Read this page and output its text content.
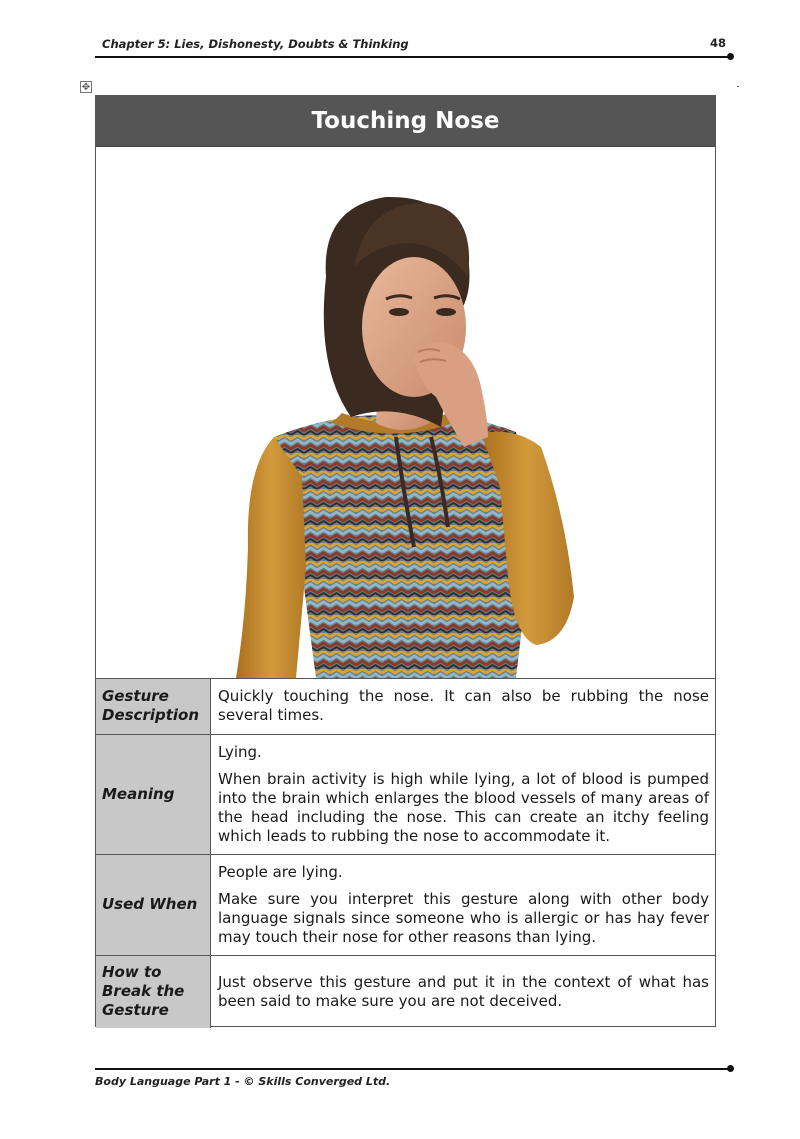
Chapter 5: Lies, Dishonesty, Doubts & Thinking	48
✥
Touching Nose
Gesture Description	Quickly touching the nose. It can also be rubbing the nose several times.

Meaning	Lying.

When brain activity is high while lying, a lot of blood is pumped into the brain which enlarges the blood vessels of many areas of the head including the nose. This can create an itchy feeling which leads to rubbing the nose to accommodate it.

Used When	People are lying.

Make sure you interpret this gesture along with other body language signals since someone who is allergic or has hay fever may touch their nose for other reasons than lying.

How to Break the Gesture	Just observe this gesture and put it in the context of what has been said to make sure you are not deceived.

Body Language Part 1 - © Skills Converged Ltd.
